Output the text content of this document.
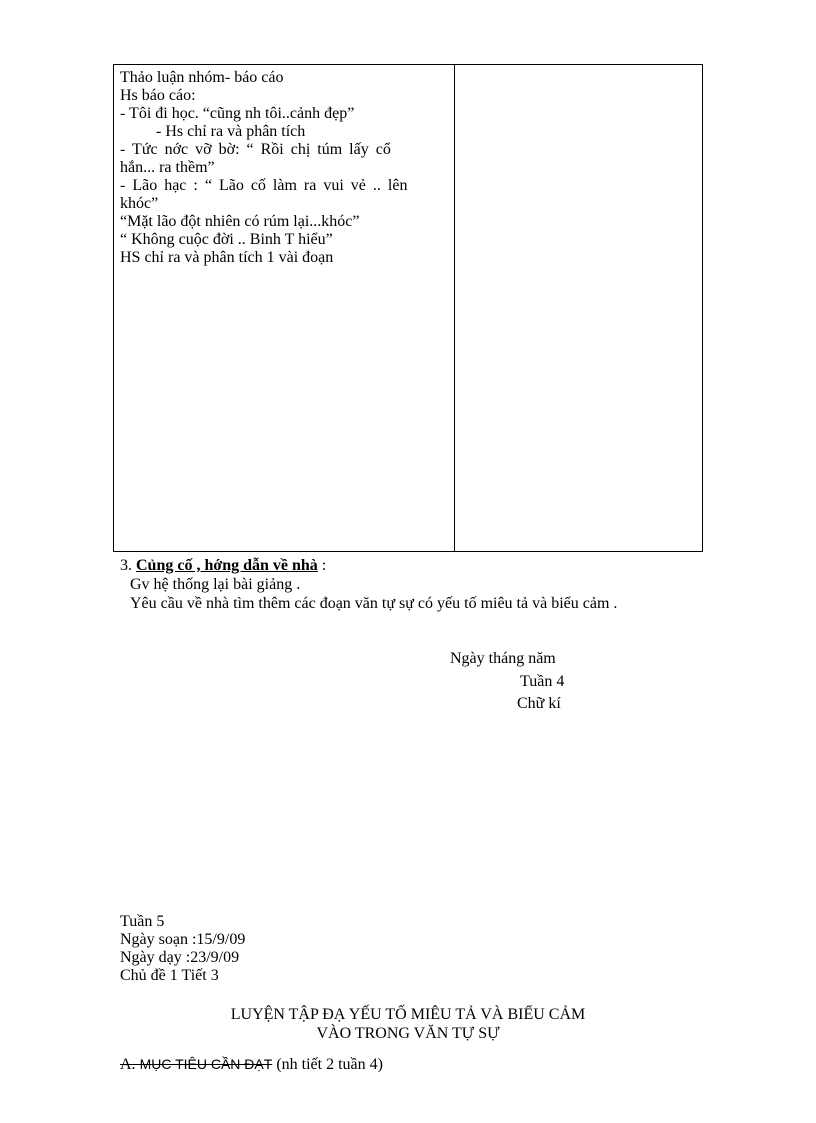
Thảo luận nhóm- báo cáo
Hs báo cáo:
- Tôi đi học. “cũng nh tôi..cảnh đẹp”
- Hs chỉ ra và phân tích
- Tức nớc vỡ bờ: “ Rồi chị túm lấy cổ
hắn... ra thềm”
- Lão hạc : “ Lão cố làm ra vui vẻ .. lên
khóc”
“Mặt lão đột nhiên có rúm lại...khóc”
“ Không cuộc đời .. Binh T hiểu”
HS chỉ ra và phân tích 1 vài đoạn
3. Củng cố , hớng dẫn về nhà :
Gv hệ thống lại bài giảng .
Yêu cầu về nhà tìm thêm các đoạn văn tự sự có yếu tố miêu tả và biểu cảm .
Ngày tháng năm
Tuần 4
Chữ kí
Tuần 5
Ngày soạn :15/9/09
Ngày dạy :23/9/09
Chủ đề 1 Tiết 3
LUYỆN TẬP ĐẠ YẾU TỐ MIÊU TẢ VÀ BIỂU CẢM
VÀO TRONG VĂN TỰ SỰ
A. MỤC TIÊU CẦN ĐẠT (nh tiết 2 tuần 4)
